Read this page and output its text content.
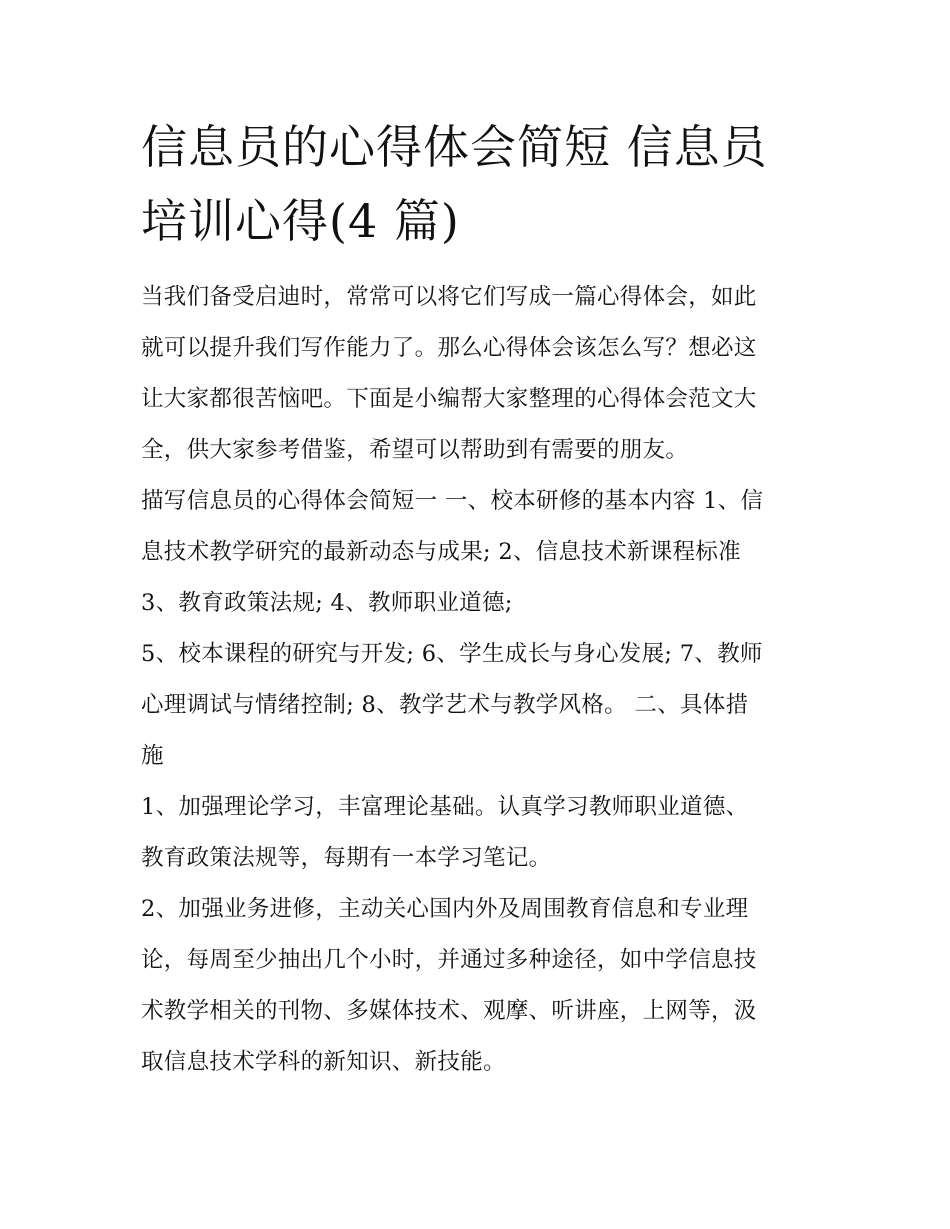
信息员的心得体会简短 信息员
培训心得(4 篇)

当我们备受启迪时，常常可以将它们写成一篇心得体会，如此
就可以提升我们写作能力了。那么心得体会该怎么写？想必这
让大家都很苦恼吧。下面是小编帮大家整理的心得体会范文大
全，供大家参考借鉴，希望可以帮助到有需要的朋友。

描写信息员的心得体会简短一 一、校本研修的基本内容 1、信
息技术教学研究的最新动态与成果; 2、信息技术新课程标准

3、教育政策法规; 4、教师职业道德;

5、校本课程的研究与开发; 6、学生成长与身心发展; 7、教师
心理调试与情绪控制; 8、教学艺术与教学风格。 二、具体措
施

1、加强理论学习，丰富理论基础。认真学习教师职业道德、
教育政策法规等，每期有一本学习笔记。

2、加强业务进修，主动关心国内外及周围教育信息和专业理
论，每周至少抽出几个小时，并通过多种途径，如中学信息技
术教学相关的刊物、多媒体技术、观摩、听讲座，上网等，汲
取信息技术学科的新知识、新技能。
